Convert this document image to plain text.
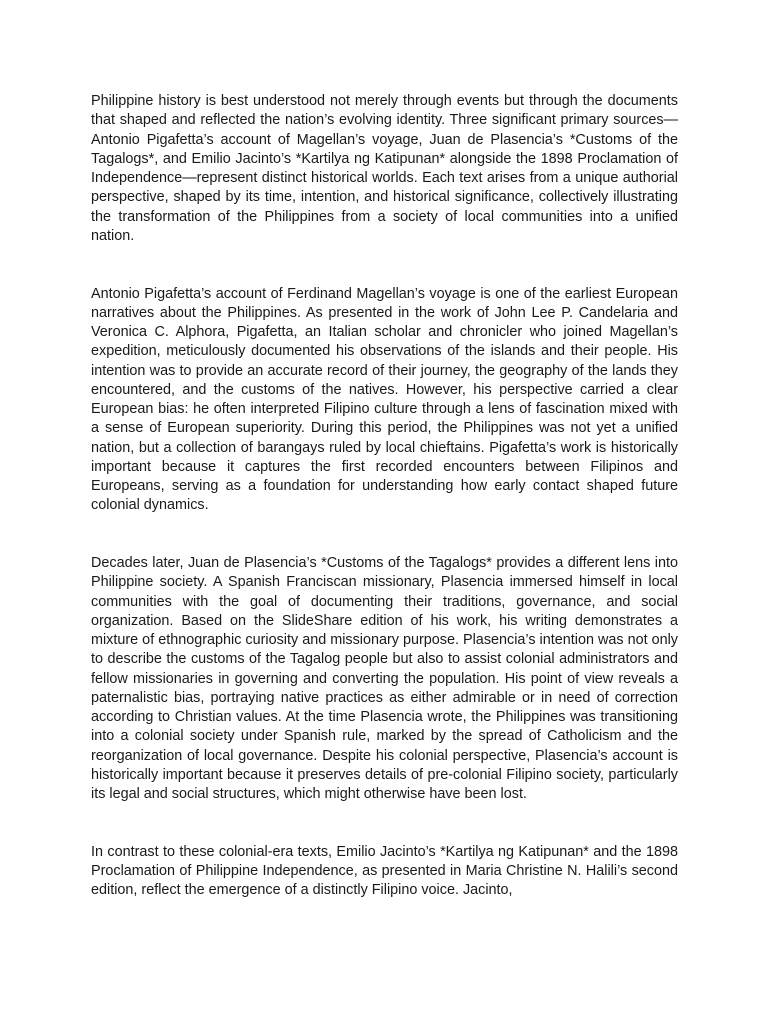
Philippine history is best understood not merely through events but through the documents that shaped and reflected the nation’s evolving identity. Three significant primary sources—Antonio Pigafetta’s account of Magellan’s voyage, Juan de Plasencia’s *Customs of the Tagalogs*, and Emilio Jacinto’s *Kartilya ng Katipunan* alongside the 1898 Proclamation of Independence—represent distinct historical worlds. Each text arises from a unique authorial perspective, shaped by its time, intention, and historical significance, collectively illustrating the transformation of the Philippines from a society of local communities into a unified nation.

Antonio Pigafetta’s account of Ferdinand Magellan’s voyage is one of the earliest European narratives about the Philippines. As presented in the work of John Lee P. Candelaria and Veronica C. Alphora, Pigafetta, an Italian scholar and chronicler who joined Magellan’s expedition, meticulously documented his observations of the islands and their people. His intention was to provide an accurate record of their journey, the geography of the lands they encountered, and the customs of the natives. However, his perspective carried a clear European bias: he often interpreted Filipino culture through a lens of fascination mixed with a sense of European superiority. During this period, the Philippines was not yet a unified nation, but a collection of barangays ruled by local chieftains. Pigafetta’s work is historically important because it captures the first recorded encounters between Filipinos and Europeans, serving as a foundation for understanding how early contact shaped future colonial dynamics.

Decades later, Juan de Plasencia’s *Customs of the Tagalogs* provides a different lens into Philippine society. A Spanish Franciscan missionary, Plasencia immersed himself in local communities with the goal of documenting their traditions, governance, and social organization. Based on the SlideShare edition of his work, his writing demonstrates a mixture of ethnographic curiosity and missionary purpose. Plasencia’s intention was not only to describe the customs of the Tagalog people but also to assist colonial administrators and fellow missionaries in governing and converting the population. His point of view reveals a paternalistic bias, portraying native practices as either admirable or in need of correction according to Christian values. At the time Plasencia wrote, the Philippines was transitioning into a colonial society under Spanish rule, marked by the spread of Catholicism and the reorganization of local governance. Despite his colonial perspective, Plasencia’s account is historically important because it preserves details of pre-colonial Filipino society, particularly its legal and social structures, which might otherwise have been lost.

In contrast to these colonial-era texts, Emilio Jacinto’s *Kartilya ng Katipunan* and the 1898 Proclamation of Philippine Independence, as presented in Maria Christine N. Halili’s second edition, reflect the emergence of a distinctly Filipino voice. Jacinto,
